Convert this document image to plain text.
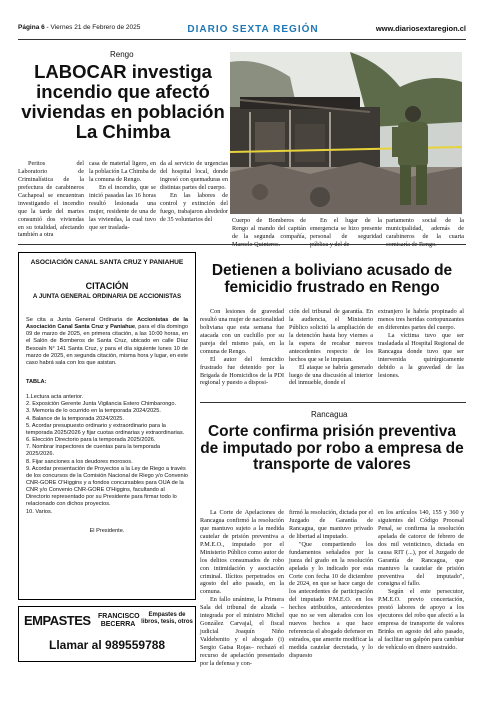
Página 6 - Viernes 21 de Febrero de 2025	DIARIO SEXTA REGIÓN	www.diariosextaregion.cl
Rengo
LABOCAR investiga incendio que afectó viviendas en población La Chimba

Peritos del Laboratorio de Criminalística de la prefectura de carabineros Cachapoal se encuentran investigando el incendio que la tarde del martes consumió dos viviendas en su totalidad, afectando también a otra

casa de material ligero, en la población La Chimba de la comuna de Rengo.

En el incendio, que se inició pasadas las 16 horas resultó lesionada una mujer, residente de una de las viviendas, la cual tuvo que ser traslada-

da al servicio de urgencias del hospital local, donde ingresó con quemaduras en distintas partes del cuerpo.

En las labores de control y extinción del fuego, trabajaron alrededor de 35 voluntarios del	Cuerpo de Bomberos de Rengo al mando del capitán de la segunda compañía, Marcelo Quinteros.

En el lugar de la emergencia se hizo presente personal de seguridad pública y del de-

partamento social de la municipalidad, además de carabineros de la cuarta comisaría de Rengo.

ASOCIACIÓN CANAL SANTA CRUZ Y PANIAHUE
CITACIÓN
A JUNTA GENERAL ORDINARIA DE ACCIONISTAS
Se cita a Junta General Ordinaria de Accionistas de la Asociación Canal Santa Cruz y Paniahue, para el día domingo 09 de marzo de 2025, en primera citación, a las 10:00 horas, en el Salón de Bomberos de Santa Cruz, ubicado en calle Díaz Besoaín N° 141 Santa Cruz, y para el día siguiente lunes 10 de marzo de 2025, en segunda citación, misma hora y lugar, en este caso habrá sala con los que asistan.
TABLA:
1.Lectura acta anterior.
2. Exposición Gerente Junta Vigilancia Estero Chimbarongo.
3. Memoria de lo ocurrido en la temporada 2024/2025.
4. Balance de la temporada 2024/2025.
5. Acordar presupuesto ordinario y extraordinario para la temporada 2025/2026 y fijar cuotas ordinarias y extraordinarias.
6. Elección Directorio para la temporada 2025/2026.
7. Nombrar inspectores de cuentas para la temporada 2025/2026.
8. Fijar sanciones a los deudores morosos.
9. Acordar presentación de Proyectos a la Ley de Riego a través de los concursos de la Comisión Nacional de Riego y/o Convenio CNR-GORE O'Higgins y a fondos concursables para OUA de la CNR y/o Convenio CNR-GORE O'Higgins, facultando al Directorio representado por su Presidente para firmar todo lo relacionado con dichos proyectos.
10. Varios.
El Presidente.
EMPASTES FRANCISCO BECERRA
Empastes de libros, tesis, otros
Llamar al 989559788
Detienen a boliviano acusado de femicidio frustrado en Rengo

Con lesiones de gravedad resultó una mujer de nacionalidad boliviana que esta semana fue atacada con un cuchillo por su pareja del mismo país, en la comuna de Rengo.

El autor del femicidio frustrado fue detenido por la Brigada de Homicidios de la PDI regional y puesto a disposi-

ción del tribunal de garantía. En la audiencia, el Ministerio Público solicitó la ampliación de la detención hasta hoy viernes a la espera de recabar nuevos antecedentes respecto de los hechos que se le imputan.

El ataque se habría generado luego de una discusión al interior del inmueble, donde el

extranjero le habría propinado al menos tres heridas cortopunzantes en diferentes partes del cuerpo.

La víctima tuvo que ser trasladada al Hospital Regional de Rancagua donde tuvo que ser intervenida quirúrgicamente debido a la gravedad de las lesiones.

Rancagua
Corte confirma prisión preventiva de imputado por robo a empresa de transporte de valores

La Corte de Apelaciones de Rancagua confirmó la resolución que mantuvo sujeto a la medida cautelar de prisión preventiva a P.M.E.O., imputado por el Ministerio Público como autor de los delitos consumados de robo con intimidación y asociación criminal. Ilícitos perpetrados en agosto del año pasado, en la comuna.

En fallo unánime, la Primera Sala del tribunal de alzada –integrada por el ministro Michel González Carvajal, el fiscal judicial Joaquín Niño Valdebenito y el abogado (i) Sergio Gatsa Rojas– rechazó el recurso de apelación presentado por la defensa y con-

firmó la resolución, dictada por el Juzgado de Garantía de Rancagua, que mantuvo privado de libertad al imputado.

"Que compartiendo los fundamentos señalados por la jueza del grado en la resolución apelada y lo indicado por esta Corte con fecha 10 de diciembre de 2024, en que se hace cargo de los antecedentes de participación del imputado P.M.E.O. en los hechos atribuidos, antecedentes que no se ven alterados con los nuevos hechos a que hace referencia el abogado defensor en estrados, que amerite modificar la medida cautelar decretada, y lo dispuesto

en los artículos 140, 155 y 360 y siguientes del Código Procesal Penal, se confirma la resolución apelada de catorce de febrero de dos mil veinticinco, dictada en causa RIT (...), por el Juzgado de Garantía de Rancagua, que mantuvo la cautelar de prisión preventiva del imputado", consigna el fallo.

Según el ente persecutor, P.M.E.O. previo concertación, prestó labores de apoyo a los ejecutores del robo que afectó a la empresa de transporte de valores Brinks en agosto del año pasado, al facilitar un galpón para cambiar de vehículo en dinero sustraído.
